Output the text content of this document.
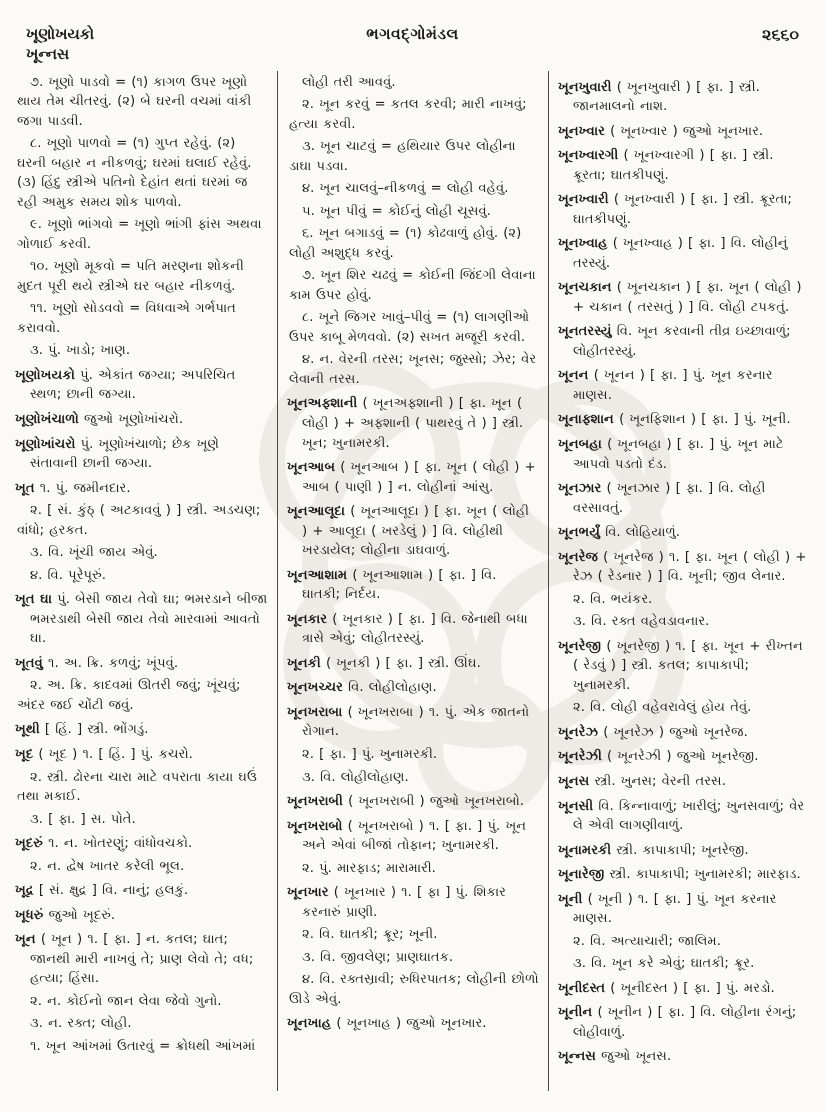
ખૂણોખયકો
ખૂન્નસ
ભગવદ્ગોમંડલ	૨૬૬૦

૭. ખૂણો પાડવો = (૧) કાગળ ઉપર ખૂણો થાય તેમ ચીતરવું. (૨) બે ઘરની વચમાં વાંકી જગા પાડવી.

૮. ખૂણો પાળવો = (૧) ગુપ્ત રહેવું. (૨) ઘરની બહાર ન નીકળવું; ઘરમાં ઘલાઈ રહેવું. (૩) હિંદુ સ્ત્રીએ પતિનો દેહાંત થતાં ઘરમાં જ રહી અમુક સમય શોક પાળવો.

૯. ખૂણો ભાંગવો = ખૂણો ભાંગી ફાંસ અથવા ગોળાઈ કરવી.

૧૦. ખૂણો મૂકવો = પતિ મરણના શોકની મુદત પૂરી થયે સ્ત્રીએ ઘર બહાર નીકળવું.

૧૧. ખૂણો સોડવવો = વિધવાએ ગર્ભપાત કરાવવો.

૩. પું. ખાડો; ખાણ.

ખૂણોખયકો પું. એકાંત જગ્યા; અપરિચિત સ્થળ; છાની જગ્યા.

ખૂણોખંચાળો જુઓ ખૂણોખાંચરો.

ખૂણોખાંચરો પું. ખૂણોખંચાળો; છેક ખૂણે સંતાવાની છાની જગ્યા.

ખૂત ૧. પું. જમીનદાર.

૨. [ સં. કુંઠ્ ( અટકાવવું ) ] સ્ત્રી. અડચણ; વાંધો; હરકત.

૩. વિ. ખૂંચી જાય એવું.

૪. વિ. પૂરેપૂરું.

ખૂત ઘા પું. બેસી જાય તેવો ઘા; ભમરડાને બીજા ભમરડાથી બેસી જાય તેવો મારવામાં આવતો ઘા.

ખૂતવું ૧. અ. ક્રિ. કળવું; ખૂંપવું.

૨. અ. ક્રિ. કાદવમાં ઊતરી જવું; ખૂંચવું; અંદર જઈ ચોંટી જવું.

ખૂથી [ હિં. ] સ્ત્રી. ભોંગડું.

ખૂદ ( ખૂદ ) ૧. [ હિં. ] પું. કચરો.

૨. સ્ત્રી. ઢોરના ચારા માટે વપરાતા કાયા ઘઉં તથા મકાઈ.

૩. [ ફા. ] સ. પોતે.

ખૂદરું ૧. ન. ખોતરણું; વાંધોવચકો.

૨. ન. દ્વેષ ખાતર કરેલી ભૂલ.

ખૂદ્ર [ સં. ક્ષુદ્ર ] વિ. નાનું; હલકું.

ખૂધરું જુઓ ખૂદરું.

ખૂન ( ખૂન ) ૧. [ ફા. ] ન. કતલ; ઘાત; જાનથી મારી નાખવું તે; પ્રાણ લેવો તે; વધ; હત્યા; હિંસા.

૨. ન. કોઈનો જાન લેવા જેવો ગુનો.

૩. ન. રક્ત; લોહી.

૧. ખૂન આંખમાં ઉતારવું = ક્રોધથી આંખમાં

લોહી તરી આવવું.

૨. ખૂન કરવું = કતલ કરવી; મારી નાખવું; હત્યા કરવી.

૩. ખૂન ચાટવું = હથિયાર ઉપર લોહીના ડાઘા પડવા.

૪. ખૂન ચાલવું–નીકળવું = લોહી વહેવું.

૫. ખૂન પીવું = કોઈનું લોહી ચૂસવું.

૬. ખૂન બગાડવું = (૧) કોઢવાળું હોવું. (૨) લોહી અશુદ્ધ કરવું.

૭. ખૂન શિર ચઢવું = કોઈની જિંદગી લેવાના કામ ઉપર હોવું.

૮. ખૂને જિગર ખાવું–પીવું = (૧) લાગણીઓ ઉપર કાબૂ મેળવવો. (૨) સખત મજૂરી કરવી.

૪. ન. વેરની તરસ; ખૂનસ; જુસ્સો; ઝેર; વેર લેવાની તરસ.

ખૂનઅફ્શાની ( ખૂનઅફ્શાની ) [ ફા. ખૂન ( લોહી ) + અફ્શાની ( પાથરવું તે ) ] સ્ત્રી. ખૂન; ખુનામરકી.

ખૂનઆબ ( ખૂનઆબ ) [ ફા. ખૂન ( લોહી ) + આબ ( પાણી ) ] ન. લોહીનાં આંસુ.

ખૂનઆલૂદા ( ખૂનઆલૂદા ) [ ફા. ખૂન ( લોહી ) + આલૂદા ( ખરડેલું ) ] વિ. લોહીથી ખરડાયેલ; લોહીના ડાઘવાળું.

ખૂનઆશામ ( ખૂનઆશામ ) [ ફા. ] વિ. ઘાતકી; નિર્દય.

ખૂનકાર ( ખૂનકાર ) [ ફા. ] વિ. જેનાથી બધા ત્રાસે એવું; લોહીતરસ્યું.

ખૂનકી ( ખૂનકી ) [ ફા. ] સ્ત્રી. ઊંઘ.

ખૂનખચ્ચર વિ. લોહીલોહાણ.

ખૂનખરાબા ( ખૂનખરાબા ) ૧. પું. એક જાતનો રોગાન.

૨. [ ફા. ] પું. ખુનામરકી.

૩. વિ. લોહીલોહાણ.

ખૂનખરાબી ( ખૂનખરાબી ) જુઓ ખૂનખરાબો.

ખૂનખરાબો ( ખૂનખરાબો ) ૧. [ ફા. ] પું. ખૂન અને એવાં બીજાં તોફાન; ખુનામરકી.

૨. પું. મારફાડ; મારામારી.

ખૂનખાર ( ખૂનખાર ) ૧. [ ફા ] પું. શિકાર કરનારું પ્રાણી.

૨. વિ. ઘાતકી; ક્રૂર; ખૂની.

૩. વિ. જીવલેણ; પ્રાણઘાતક.

૪. વિ. રક્તસ્રાવી; રુધિરપાતક; લોહીની છોળો ઊડે એવું.

ખૂનખાહ ( ખૂનખાહ ) જુઓ ખૂનખાર.

ખૂનખુવારી ( ખૂનખુવારી ) [ ફા. ] સ્ત્રી. જાનમાલનો નાશ.

ખૂનખ્વાર ( ખૂનખ્વાર ) જુઓ ખૂનખાર.

ખૂનખ્વારગી ( ખૂનખ્વારગી ) [ ફા. ] સ્ત્રી. ક્રૂરતા; ઘાતકીપણું.

ખૂનખ્વારી ( ખૂનખ્વારી ) [ ફા. ] સ્ત્રી. ક્રૂરતા; ઘાતકીપણું.

ખૂનખ્વાહ ( ખૂનખ્વાહ ) [ ફા. ] વિ. લોહીનું તરસ્યું.

ખૂનચકાન ( ખૂનચકાન ) [ ફા. ખૂન ( લોહી ) + ચકાન ( તરસતું ) ] વિ. લોહી ટપકતું.

ખૂનતરસ્યું વિ. ખૂન કરવાની તીવ્ર ઇચ્છાવાળું; લોહીતરસ્યું.

ખૂનન ( ખૂનન ) [ ફા. ] પું. ખૂન કરનાર માણસ.

ખૂનાફ્શાન ( ખૂનફિશાન ) [ ફા. ] પું. ખૂની.

ખૂનબહા ( ખૂનબહા ) [ ફા. ] પું. ખૂન માટે આપવો પડતો દંડ.

ખૂનઝાર ( ખૂનઝાર ) [ ફા. ] વિ. લોહી વરસાવતું.

ખૂનભર્યું વિ. લોહિયાળું.

ખૂનરેજ ( ખૂનરેજ ) ૧. [ ફા. ખૂન ( લોહી ) + રેઝ ( રેડનાર ) ] વિ. ખૂની; જીવ લેનાર.

૨. વિ. ભયંકર.

૩. વિ. રક્ત વહેવડાવનાર.

ખૂનરેજી ( ખૂનરેજી ) ૧. [ ફા. ખૂન + રીખ્તન ( રેડવું ) ] સ્ત્રી. કતલ; કાપાકાપી; ખુનામરકી.

૨. વિ. લોહી વહેવરાવેલું હોય તેવું.

ખૂનરેઝ ( ખૂનરેઝ ) જુઓ ખૂનરેજ.

ખૂનરેઝી ( ખૂનરેઝી ) જુઓ ખૂનરેજી.

ખૂનસ સ્ત્રી. ખુનસ; વેરની તરસ.

ખૂનસી વિ. કિન્નાવાળું; ખારીલું; ખુનસવાળું; વેર લે એવી લાગણીવાળું.

ખૂનામરકી સ્ત્રી. કાપાકાપી; ખૂનરેજી.

ખૂનારેજી સ્ત્રી. કાપાકાપી; ખુનામરકી; મારફાડ.

ખૂની ( ખૂની ) ૧. [ ફા. ] પું. ખૂન કરનાર માણસ.

૨. વિ. અત્યાચારી; જાલિમ.

૩. વિ. ખૂન કરે એવું; ઘાતકી; ક્રૂર.

ખૂનીદસ્ત ( ખૂનીદસ્ત ) [ ફા. ] પું. મરડો.

ખૂનીન ( ખૂનીન ) [ ફા. ] વિ. લોહીના રંગનું; લોહીવાળું.

ખૂન્નસ જુઓ ખૂનસ.
